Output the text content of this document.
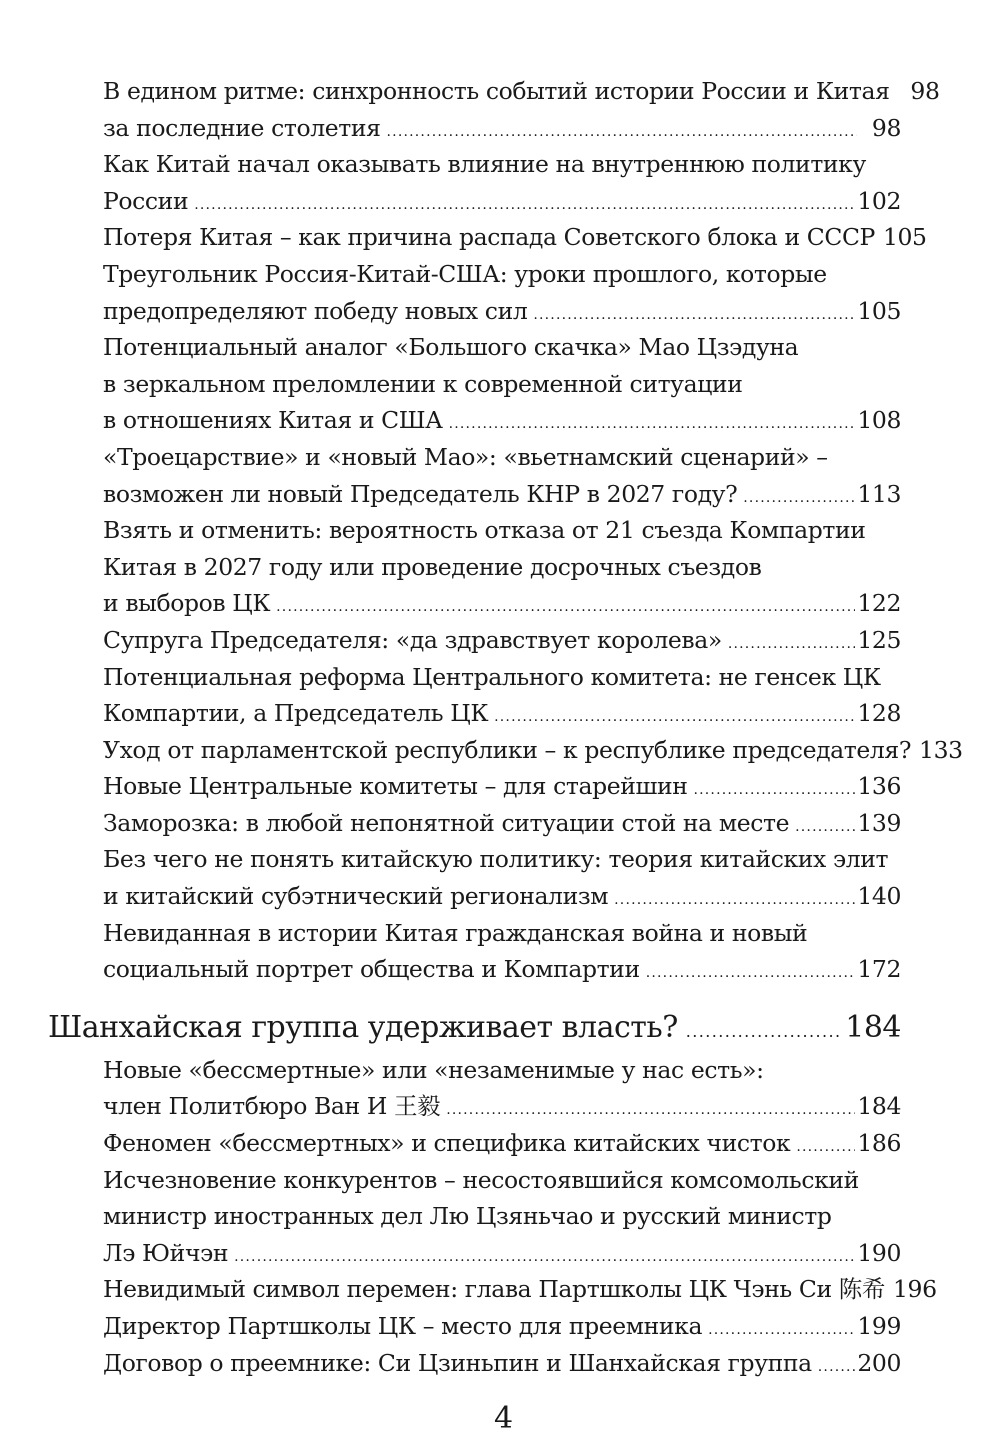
В едином ритме: синхронность событий истории России и Китая 98
за последние столетия .....	98
Как Китай начал оказывать влияние на внутреннюю политику
России .....	102
Потеря Китая – как причина распада Советского блока и СССР 105
Треугольник Россия-Китай-США: уроки прошлого, которые
предопределяют победу новых сил .....	105
Потенциальный аналог «Большого скачка» Мао Цзэдуна
в зеркальном преломлении к современной ситуации
в отношениях Китая и США .....	108
«Троецарствие» и «новый Мао»: «вьетнамский сценарий» –
возможен ли новый Председатель КНР в 2027 году? .....	113
Взять и отменить: вероятность отказа от 21 съезда Компартии
Китая в 2027 году или проведение досрочных съездов
и выборов ЦК .....	122
Супруга Председателя: «да здравствует королева» .....	125
Потенциальная реформа Центрального комитета: не генсек ЦК
Компартии, а Председатель ЦК .....	128
Уход от парламентской республики – к республике председателя? 133
Новые Центральные комитеты – для старейшин .....	136
Заморозка: в любой непонятной ситуации стой на месте .....	139
Без чего не понять китайскую политику: теория китайских элит
и китайский субэтнический регионализм .....	140
Невиданная в истории Китая гражданская война и новый
социальный портрет общества и Компартии .....	172
Шанхайская группа удерживает власть? .....	184
Новые «бессмертные» или «незаменимые у нас есть»:
член Политбюро Ван И 王毅 .....	184
Феномен «бессмертных» и специфика китайских чисток .....	186
Исчезновение конкурентов – несостоявшийся комсомольский
министр иностранных дел Лю Цзяньчао и русский министр
Лэ Юйчэн .....	190
Невидимый символ перемен: глава Партшколы ЦК Чэнь Си 陈希 196
Директор Партшколы ЦК – место для преемника .....	199
Договор о преемнике: Си Цзиньпин и Шанхайская группа ..... 200
4
